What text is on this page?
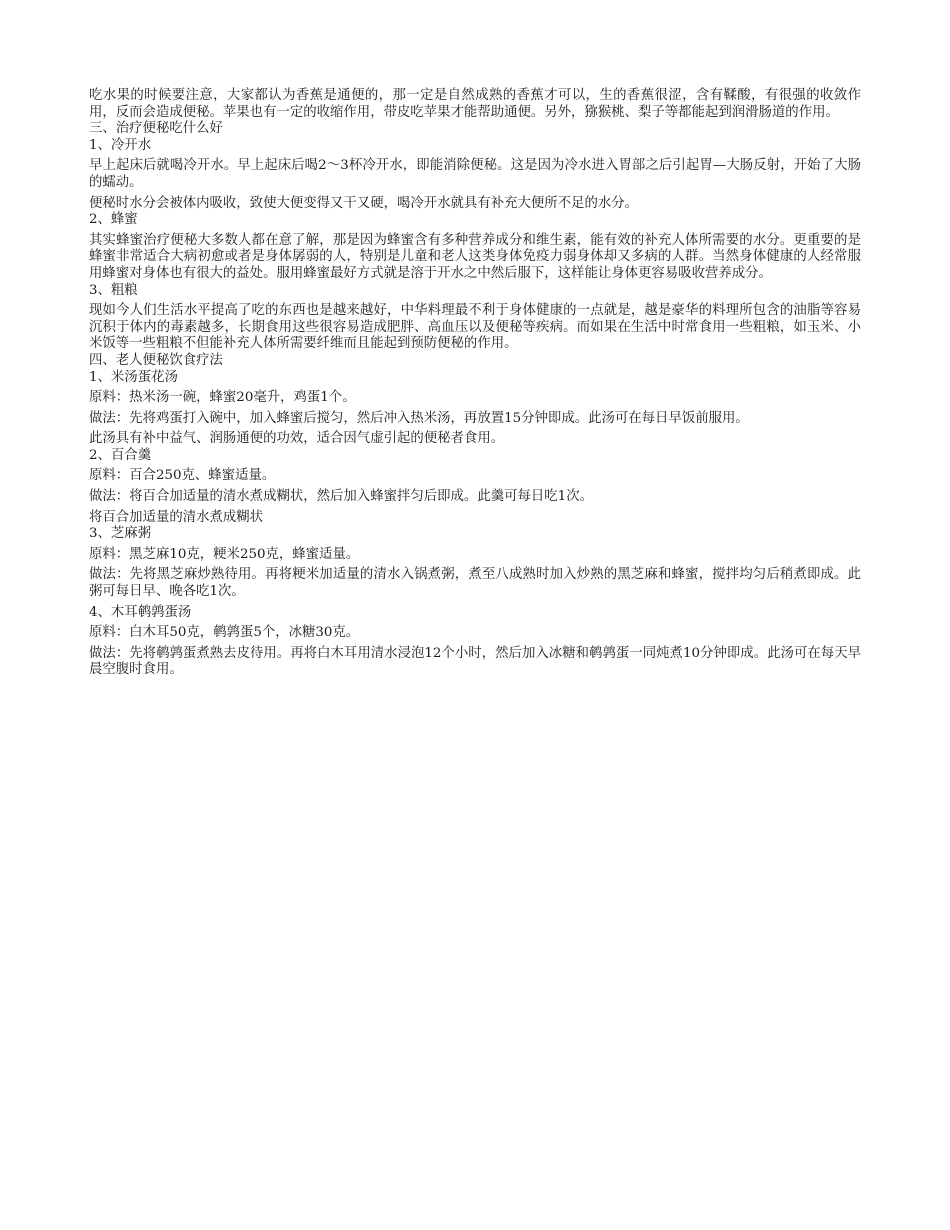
吃水果的时候要注意，大家都认为香蕉是通便的，那一定是自然成熟的香蕉才可以，生的香蕉很涩，含有鞣酸，有很强的收敛作用，反而会造成便秘。苹果也有一定的收缩作用，带皮吃苹果才能帮助通便。另外，猕猴桃、梨子等都能起到润滑肠道的作用。

三、治疗便秘吃什么好

1、冷开水

早上起床后就喝冷开水。早上起床后喝2～3杯冷开水，即能消除便秘。这是因为冷水进入胃部之后引起胃—大肠反射，开始了大肠的蠕动。

便秘时水分会被体内吸收，致使大便变得又干又硬，喝冷开水就具有补充大便所不足的水分。

2、蜂蜜

其实蜂蜜治疗便秘大多数人都在意了解，那是因为蜂蜜含有多种营养成分和维生素，能有效的补充人体所需要的水分。更重要的是蜂蜜非常适合大病初愈或者是身体孱弱的人，特别是儿童和老人这类身体免疫力弱身体却又多病的人群。当然身体健康的人经常服用蜂蜜对身体也有很大的益处。服用蜂蜜最好方式就是溶于开水之中然后服下，这样能让身体更容易吸收营养成分。

3、粗粮

现如今人们生活水平提高了吃的东西也是越来越好，中华料理最不利于身体健康的一点就是，越是豪华的料理所包含的油脂等容易沉积于体内的毒素越多，长期食用这些很容易造成肥胖、高血压以及便秘等疾病。而如果在生活中时常食用一些粗粮，如玉米、小米饭等一些粗粮不但能补充人体所需要纤维而且能起到预防便秘的作用。

四、老人便秘饮食疗法

1、米汤蛋花汤

原料：热米汤一碗，蜂蜜20毫升，鸡蛋1个。

做法：先将鸡蛋打入碗中，加入蜂蜜后搅匀，然后冲入热米汤，再放置15分钟即成。此汤可在每日早饭前服用。

此汤具有补中益气、润肠通便的功效，适合因气虚引起的便秘者食用。

2、百合羹

原料：百合250克、蜂蜜适量。

做法：将百合加适量的清水煮成糊状，然后加入蜂蜜拌匀后即成。此羹可每日吃1次。

将百合加适量的清水煮成糊状

3、芝麻粥

原料：黑芝麻10克，粳米250克，蜂蜜适量。

做法：先将黑芝麻炒熟待用。再将粳米加适量的清水入锅煮粥，煮至八成熟时加入炒熟的黑芝麻和蜂蜜，搅拌均匀后稍煮即成。此粥可每日早、晚各吃1次。

4、木耳鹌鹑蛋汤

原料：白木耳50克，鹌鹑蛋5个，冰糖30克。

做法：先将鹌鹑蛋煮熟去皮待用。再将白木耳用清水浸泡12个小时，然后加入冰糖和鹌鹑蛋一同炖煮10分钟即成。此汤可在每天早晨空腹时食用。
